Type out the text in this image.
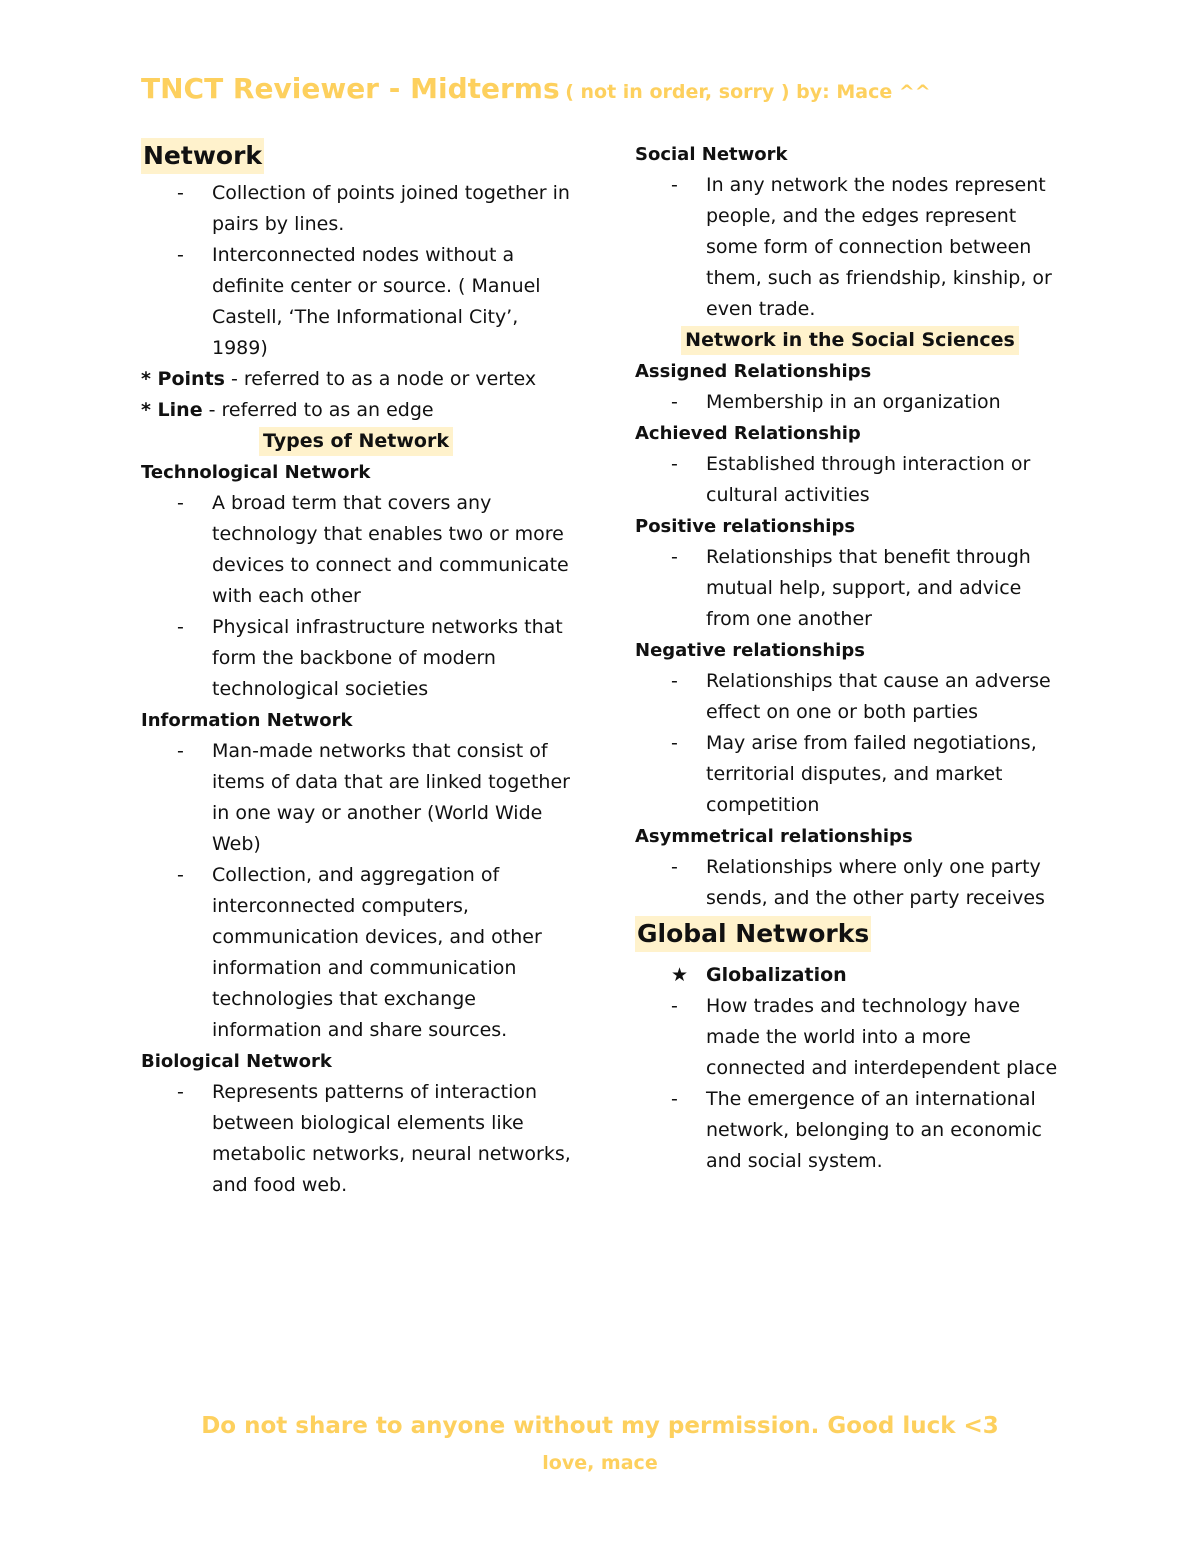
TNCT Reviewer - Midterms ( not in order, sorry ) by: Mace ^^
Network
- Collection of points joined together in pairs by lines.
- Interconnected nodes without a definite center or source. ( Manuel Castell, ‘The Informational City’, 1989)
* Points - referred to as a node or vertex
* Line - referred to as an edge
Types of Network
Technological Network
- A broad term that covers any technology that enables two or more devices to connect and communicate with each other
- Physical infrastructure networks that form the backbone of modern technological societies
Information Network
- Man-made networks that consist of items of data that are linked together in one way or another (World Wide Web)
- Collection, and aggregation of interconnected computers, communication devices, and other information and communication technologies that exchange information and share sources.
Biological Network
- Represents patterns of interaction between biological elements like metabolic networks, neural networks, and food web.
Social Network
- In any network the nodes represent people, and the edges represent some form of connection between them, such as friendship, kinship, or even trade.
Network in the Social Sciences
Assigned Relationships
- Membership in an organization
Achieved Relationship
- Established through interaction or cultural activities
Positive relationships
- Relationships that benefit through mutual help, support, and advice from one another
Negative relationships
- Relationships that cause an adverse effect on one or both parties
- May arise from failed negotiations, territorial disputes, and market competition
Asymmetrical relationships
- Relationships where only one party sends, and the other party receives
Global Networks
★ Globalization
- How trades and technology have made the world into a more connected and interdependent place
- The emergence of an international network, belonging to an economic and social system.
Do not share to anyone without my permission. Good luck <3
love, mace
